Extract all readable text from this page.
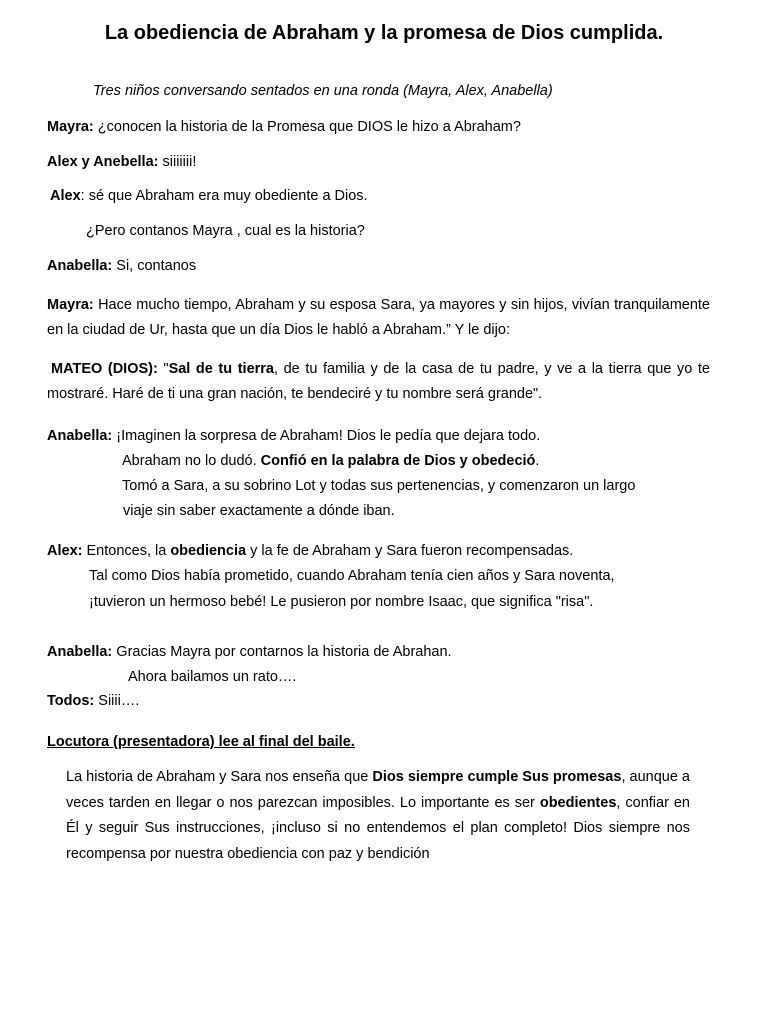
La obediencia de Abraham y la promesa de Dios cumplida.
Tres niños conversando sentados en una ronda (Mayra, Alex, Anabella)
Mayra: ¿conocen la historia de la Promesa que DIOS le hizo a Abraham?
Alex y Anebella: siiiiiii!
Alex: sé que Abraham era muy obediente a Dios.
¿Pero contanos Mayra , cual es la historia?
Anabella: Si, contanos
Mayra: Hace mucho tiempo, Abraham y su esposa Sara, ya mayores y sin hijos, vivían tranquilamente en la ciudad de Ur, hasta que un día Dios le habló a Abraham.” Y le dijo:
MATEO (DIOS): "Sal de tu tierra, de tu familia y de la casa de tu padre, y ve a la tierra que yo te mostraré. Haré de ti una gran nación, te bendeciré y tu nombre será grande".
Anabella: ¡Imaginen la sorpresa de Abraham! Dios le pedía que dejara todo.
Abraham no lo dudó. Confió en la palabra de Dios y obedeció.
Tomó a Sara, a su sobrino Lot y todas sus pertenencias, y comenzaron un largo
viaje sin saber exactamente a dónde iban.
Alex: Entonces, la obediencia y la fe de Abraham y Sara fueron recompensadas.
Tal como Dios había prometido, cuando Abraham tenía cien años y Sara noventa,
¡tuvieron un hermoso bebé! Le pusieron por nombre Isaac, que significa "risa".
Anabella: Gracias Mayra por contarnos la historia de Abrahan.
Ahora bailamos un rato….
Todos: Siiii….
Locutora (presentadora) lee al final del baile.
La historia de Abraham y Sara nos enseña que Dios siempre cumple Sus promesas, aunque a veces tarden en llegar o nos parezcan imposibles. Lo importante es ser obedientes, confiar en Él y seguir Sus instrucciones, ¡incluso si no entendemos el plan completo! Dios siempre nos recompensa por nuestra obediencia con paz y bendición
